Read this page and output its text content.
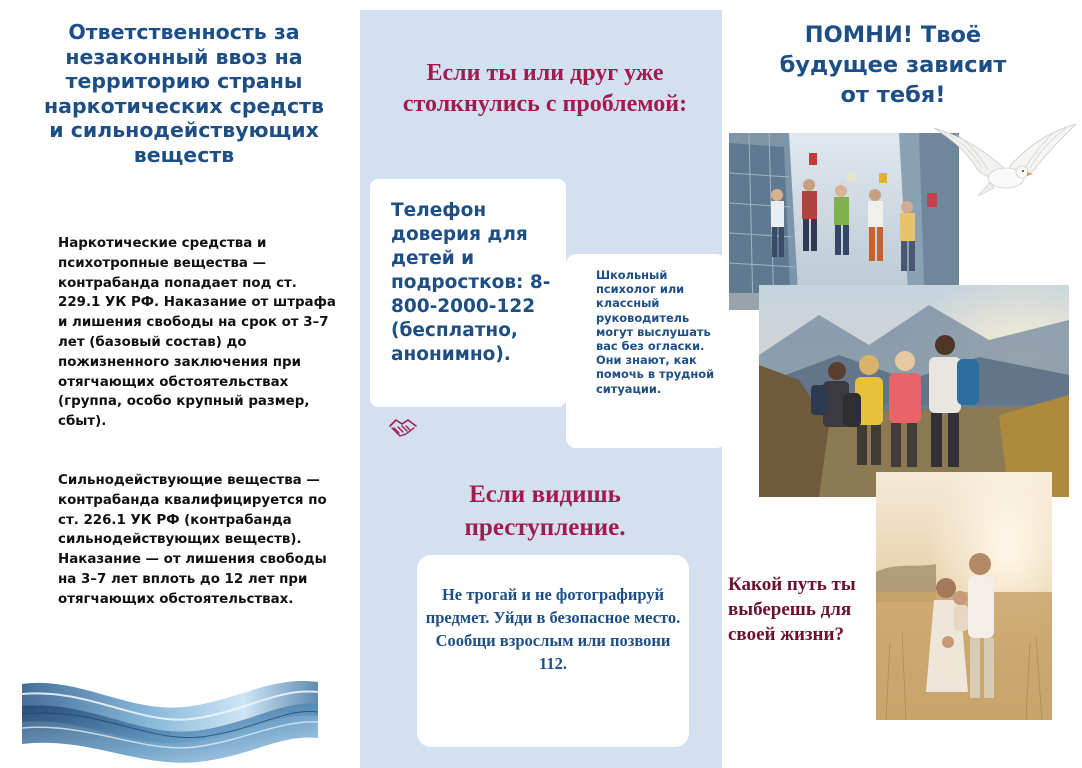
Ответственность за незаконный ввоз на территорию страны наркотических средств и сильнодействующих веществ
Наркотические средства и психотропные вещества — контрабанда попадает под ст. 229.1 УК РФ. Наказание от штрафа и лишения свободы на срок от 3–7 лет (базовый состав) до пожизненного заключения при отягчающих обстоятельствах (группа, особо крупный размер, сбыт).
Сильнодействующие вещества — контрабанда квалифицируется по ст. 226.1 УК РФ (контрабанда сильнодействующих веществ). Наказание — от лишения свободы на 3–7 лет вплоть до 12 лет при отягчающих обстоятельствах.
Если ты или друг уже столкнулись с проблемой:
Телефон доверия для детей и подростков: 8-800-2000-122 (бесплатно, анонимно).
Школьный психолог или классный руководитель могут выслушать вас без огласки. Они знают, как помочь в трудной ситуации.
Если видишь преступление.
Не трогай и не фотографируй предмет. Уйди в безопасное место. Сообщи взрослым или позвони 112.
ПОМНИ! Твоё будущее зависит от тебя!
Какой путь ты выберешь для своей жизни?
